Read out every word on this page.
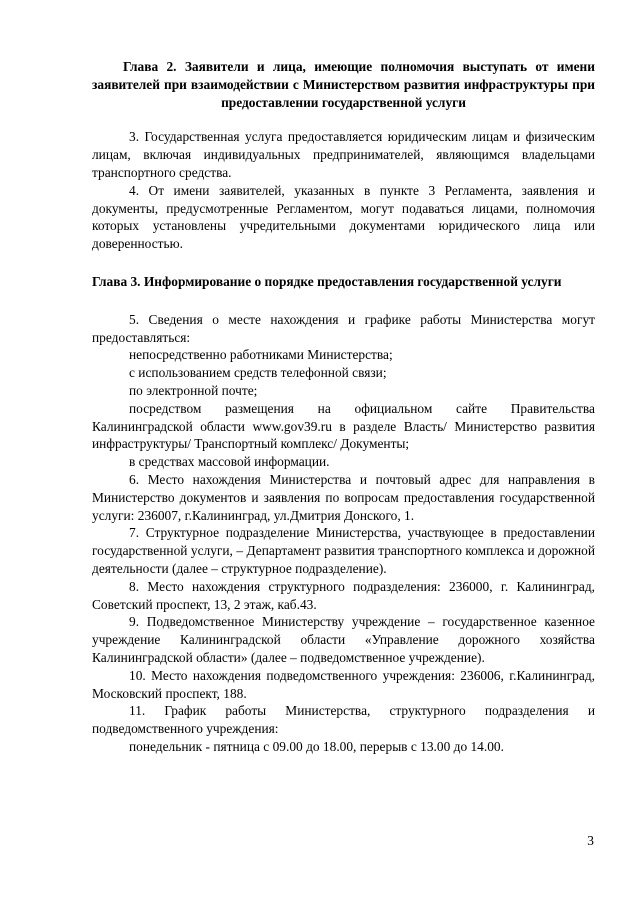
Глава 2. Заявители и лица, имеющие полномочия выступать от имени заявителей при взаимодействии с Министерством развития инфраструктуры при предоставлении государственной услуги

3. Государственная услуга предоставляется юридическим лицам и физическим лицам, включая индивидуальных предпринимателей, являющимся владельцами транспортного средства.

4. От имени заявителей, указанных в пункте 3 Регламента, заявления и документы, предусмотренные Регламентом, могут подаваться лицами, полномочия которых установлены учредительными документами юридического лица или доверенностью.

Глава 3. Информирование о порядке предоставления государственной услуги

5. Сведения о месте нахождения и графике работы Министерства могут предоставляться:

непосредственно работниками Министерства;

с использованием средств телефонной связи;

по электронной почте;

посредством размещения на официальном сайте Правительства Калининградской области www.gov39.ru в разделе Власть/ Министерство развития инфраструктуры/ Транспортный комплекс/ Документы;

в средствах массовой информации.

6. Место нахождения Министерства и почтовый адрес для направления в Министерство документов и заявления по вопросам предоставления государственной услуги: 236007, г.Калининград, ул.Дмитрия Донского, 1.

7. Структурное подразделение Министерства, участвующее в предоставлении государственной услуги, – Департамент развития транспортного комплекса и дорожной деятельности (далее – структурное подразделение).

8. Место нахождения структурного подразделения: 236000, г. Калининград, Советский проспект, 13, 2 этаж, каб.43.

9. Подведомственное Министерству учреждение – государственное казенное учреждение Калининградской области «Управление дорожного хозяйства Калининградской области» (далее – подведомственное учреждение).

10. Место нахождения подведомственного учреждения: 236006, г.Калининград, Московский проспект, 188.

11. График работы Министерства, структурного подразделения и подведомственного учреждения:

понедельник - пятница с 09.00 до 18.00, перерыв с 13.00 до 14.00.

3
